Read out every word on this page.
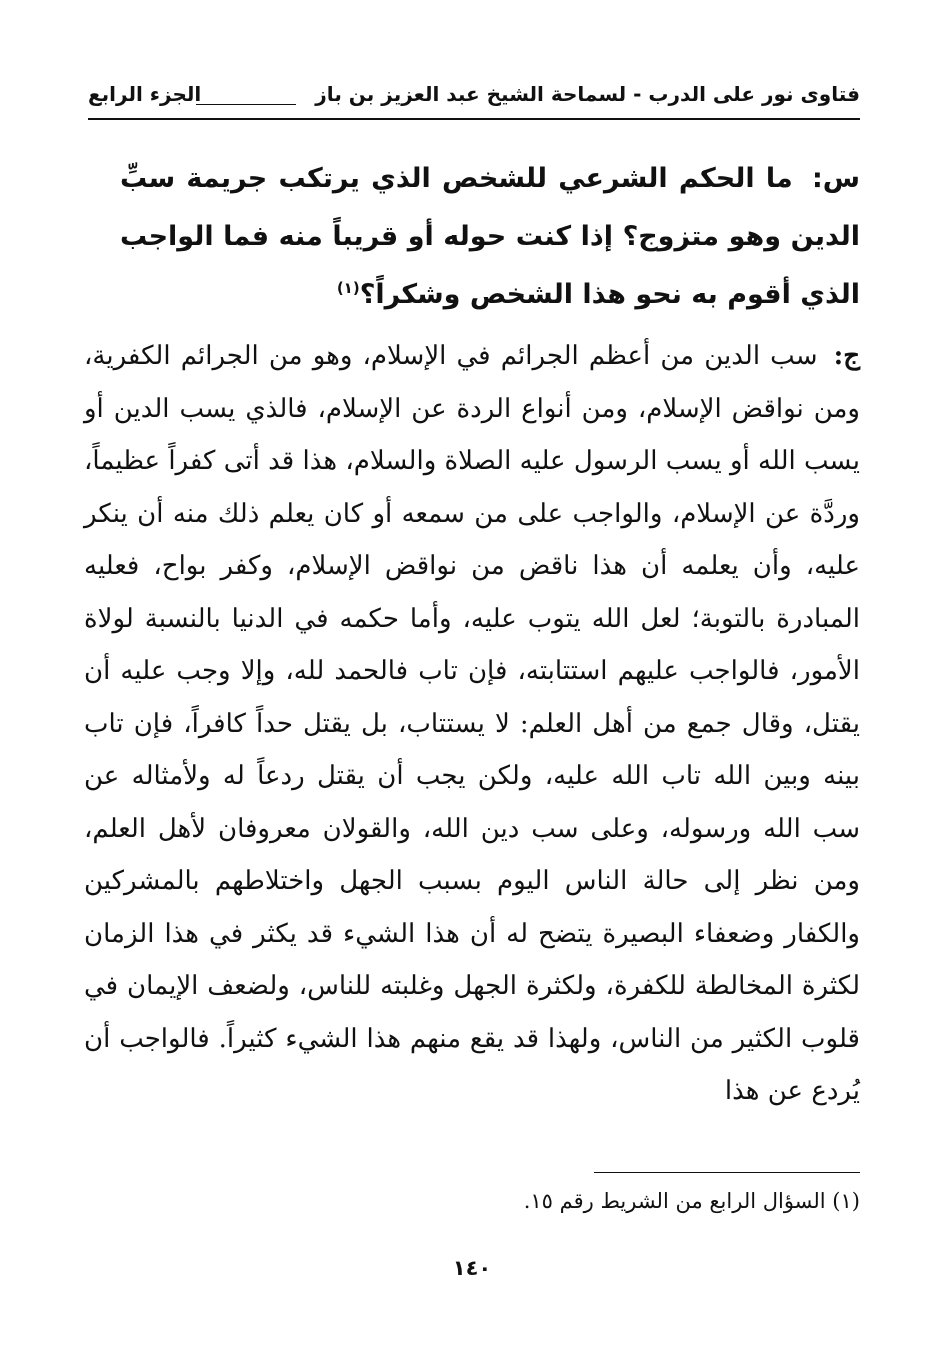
فتاوى نور على الدرب - لسماحة الشيخ عبد العزيز بن باز
الجزء الرابع
س: ما الحكم الشرعي للشخص الذي يرتكب جريمة سبِّ الدين وهو متزوج؟ إذا كنت حوله أو قريباً منه فما الواجب الذي أقوم به نحو هذا الشخص وشكراً؟$^{(١)}$
ج: سب الدين من أعظم الجرائم في الإسلام، وهو من الجرائم الكفرية، ومن نواقض الإسلام، ومن أنواع الردة عن الإسلام، فالذي يسب الدين أو يسب الله أو يسب الرسول عليه الصلاة والسلام، هذا قد أتى كفراً عظيماً، وردَّة عن الإسلام، والواجب على من سمعه أو كان يعلم ذلك منه أن ينكر عليه، وأن يعلمه أن هذا ناقض من نواقض الإسلام، وكفر بواح، فعليه المبادرة بالتوبة؛ لعل الله يتوب عليه، وأما حكمه في الدنيا بالنسبة لولاة الأمور، فالواجب عليهم استتابته، فإن تاب فالحمد لله، وإلا وجب عليه أن يقتل، وقال جمع من أهل العلم: لا يستتاب، بل يقتل حداً كافراً، فإن تاب بينه وبين الله تاب الله عليه، ولكن يجب أن يقتل ردعاً له ولأمثاله عن سب الله ورسوله، وعلى سب دين الله، والقولان معروفان لأهل العلم، ومن نظر إلى حالة الناس اليوم بسبب الجهل واختلاطهم بالمشركين والكفار وضعفاء البصيرة يتضح له أن هذا الشيء قد يكثر في هذا الزمان لكثرة المخالطة للكفرة، ولكثرة الجهل وغلبته للناس، ولضعف الإيمان في قلوب الكثير من الناس، ولهذا قد يقع منهم هذا الشيء كثيراً. فالواجب أن يُردع عن هذا
(١) السؤال الرابع من الشريط رقم ١٥.
١٤٠
